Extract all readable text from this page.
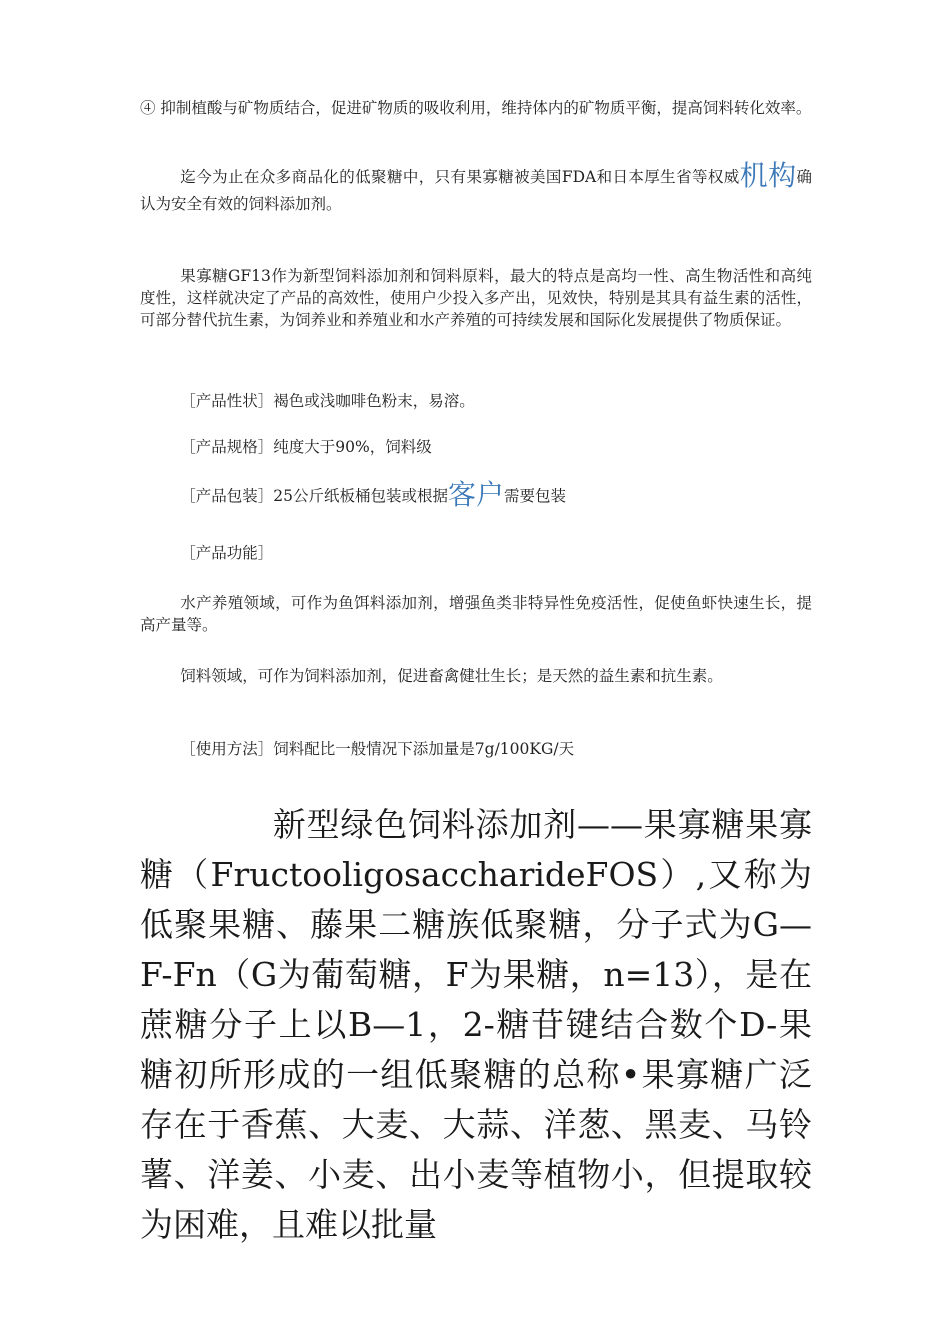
④ 抑制植酸与矿物质结合，促进矿物质的吸收利用，维持体内的矿物质平衡，提高饲料转化效率。

迄今为止在众多商品化的低聚糖中，只有果寡糖被美国FDA和日本厚生省等权威机构确认为安全有效的饲料添加剂。

果寡糖GF13作为新型饲料添加剂和饲料原料，最大的特点是高均一性、高生物活性和高纯度性，这样就决定了产品的高效性，使用户少投入多产出，见效快，特别是其具有益生素的活性，可部分替代抗生素，为饲养业和养殖业和水产养殖的可持续发展和国际化发展提供了物质保证。

［产品性状］褐色或浅咖啡色粉末，易溶。

［产品规格］纯度大于90%，饲料级

［产品包装］25公斤纸板桶包装或根据客户需要包装

［产品功能］

水产养殖领域，可作为鱼饵料添加剂，增强鱼类非特异性免疫活性，促使鱼虾快速生长，提高产量等。

饲料领域，可作为饲料添加剂，促进畜禽健壮生长；是天然的益生素和抗生素。

［使用方法］饲料配比一般情况下添加量是7g/100KG/天

新型绿色饲料添加剂——果寡糖果寡糖（FructooligosaccharideFOS）,又称为低聚果糖、藤果二糖族低聚糖，分子式为G—F-Fn（G为葡萄糖，F为果糖，n=13），是在蔗糖分子上以B—1，2-糖苷键结合数个D-果糖初所形成的一组低聚糖的总称•果寡糖广泛存在于香蕉、大麦、大蒜、洋葱、黑麦、马铃薯、洋姜、小麦、出小麦等植物小，但提取较为困难，且难以批量
